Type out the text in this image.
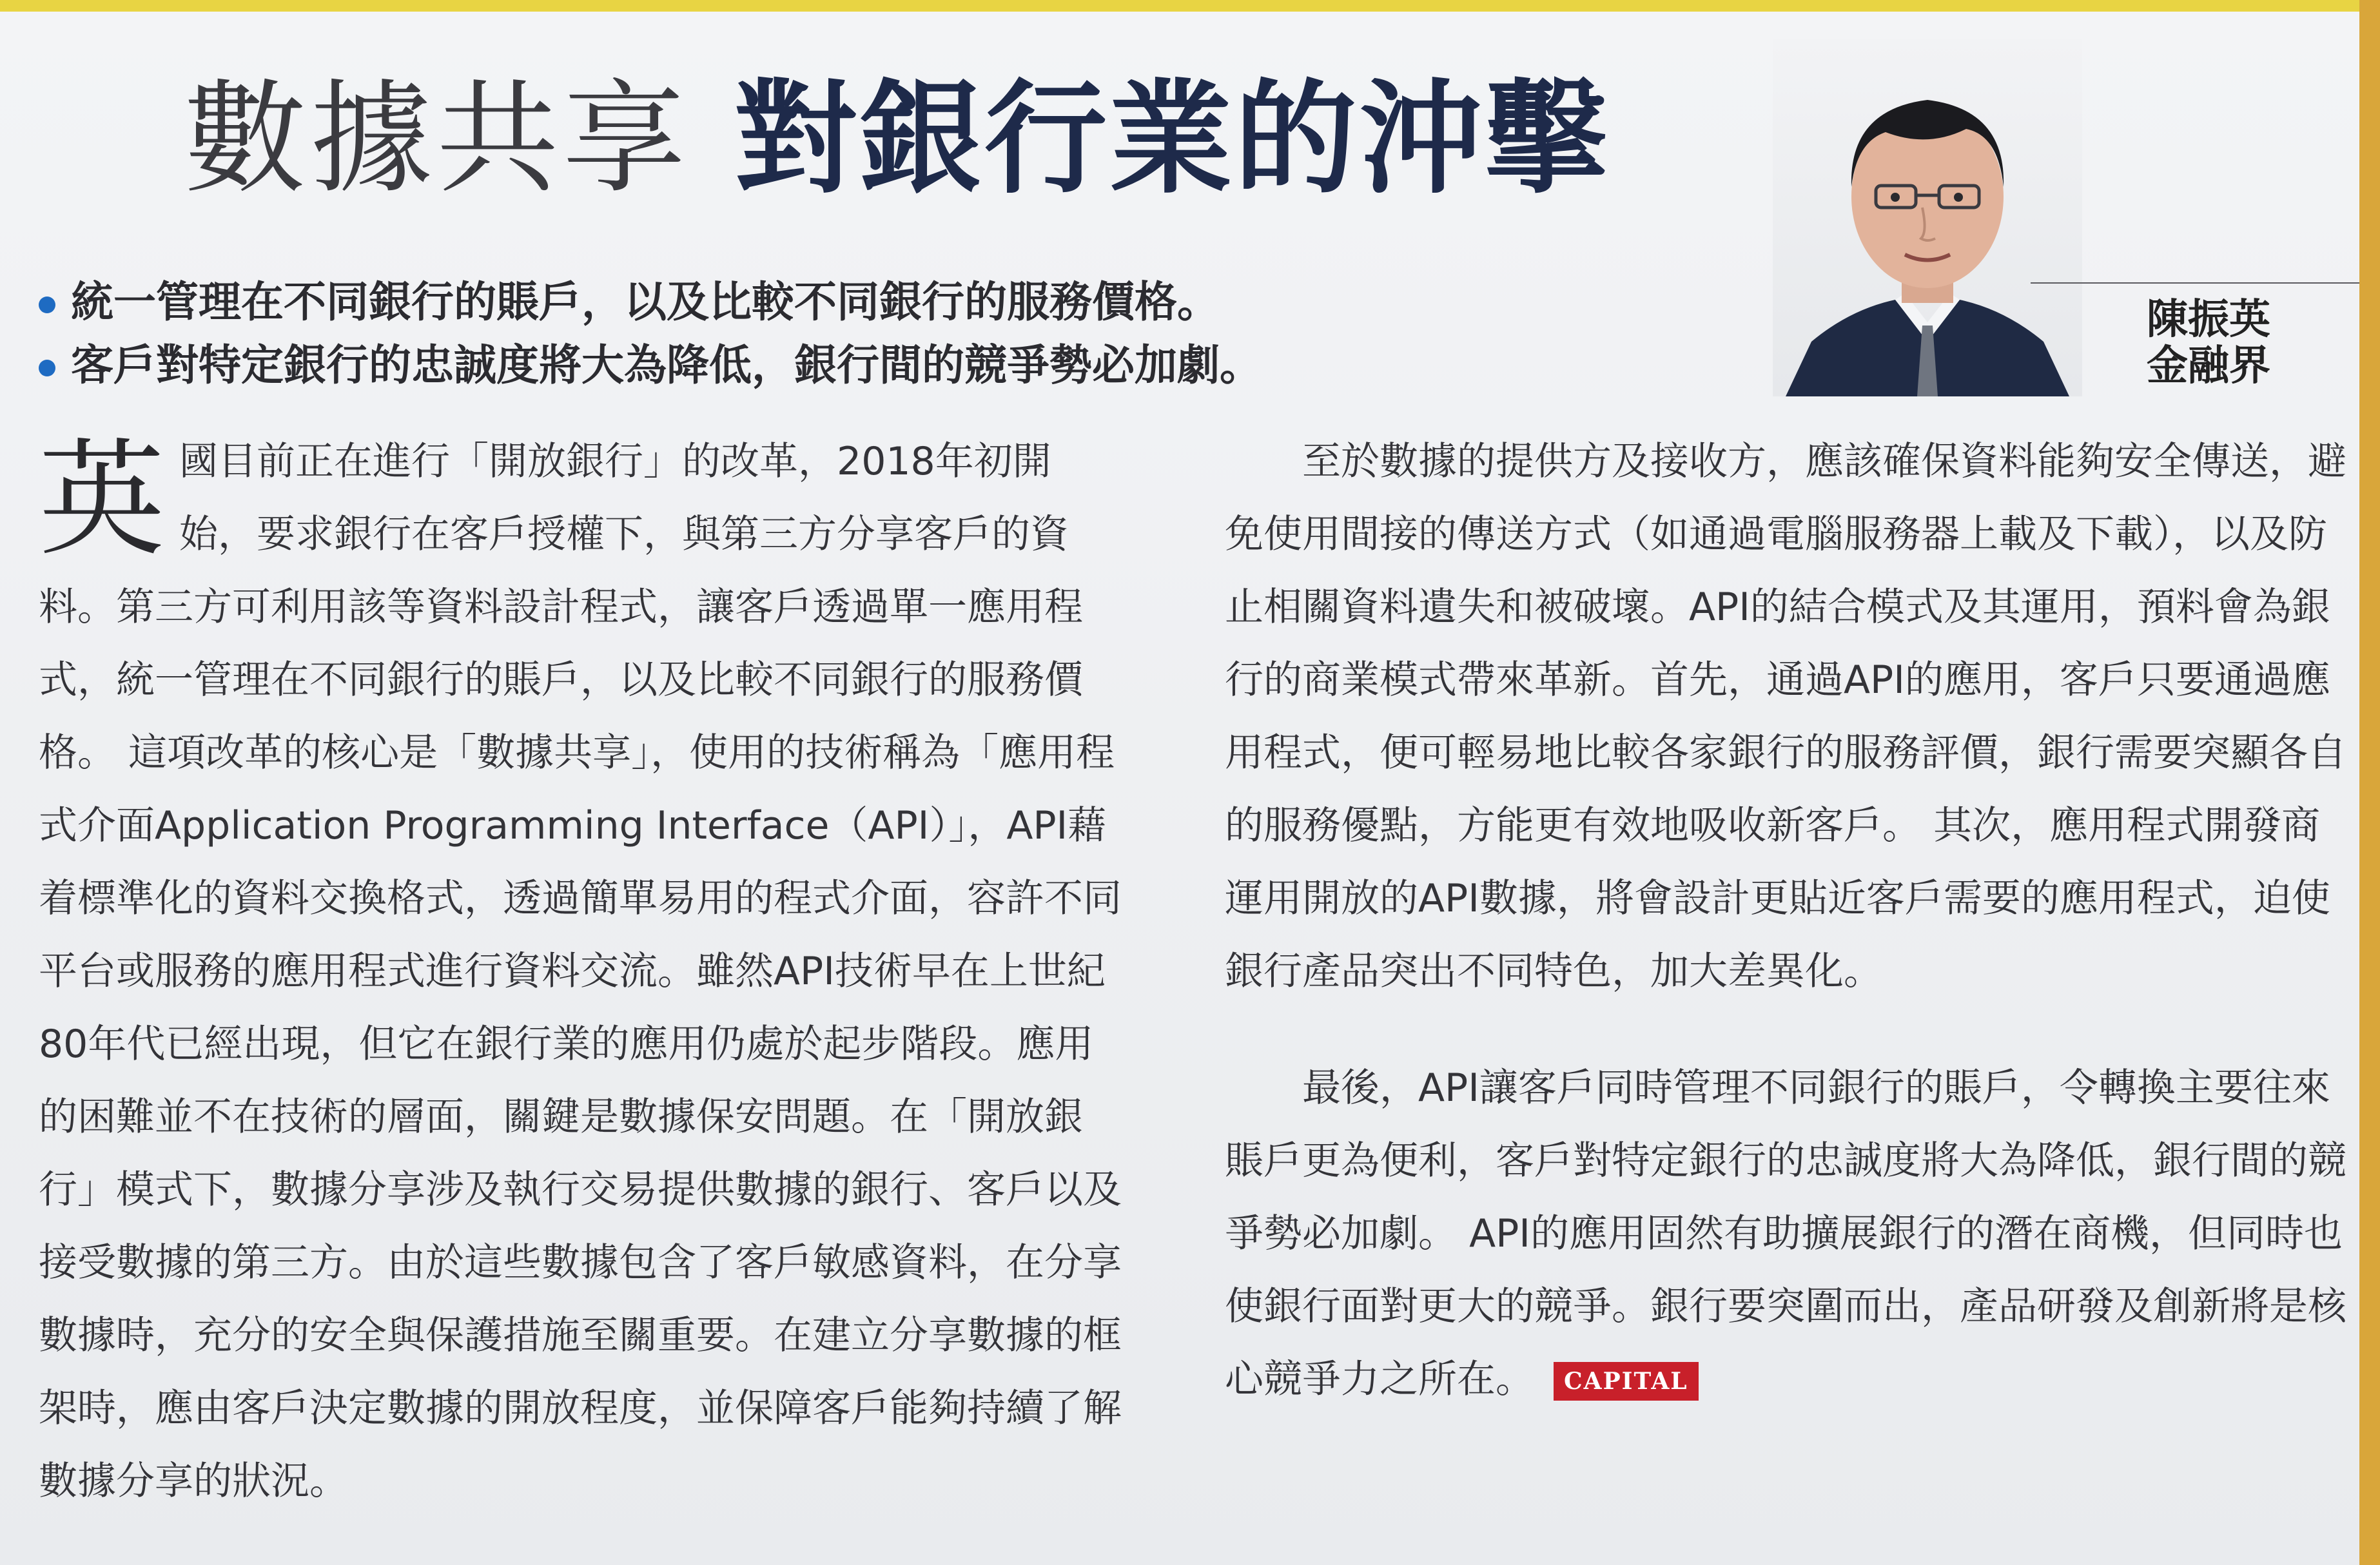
數據共享 對銀行業的沖擊
統一管理在不同銀行的賬戶，以及比較不同銀行的服務價格。
客戶對特定銀行的忠誠度將大為降低，銀行間的競爭勢必加劇。
陳振英
金融界
英 國目前正在進行「開放銀行」的改革，2018年初開始，要求銀行在客戶授權下，與第三方分享客戶的資料。第三方可利用該等資料設計程式，讓客戶透過單一應用程式，統一管理在不同銀行的賬戶，以及比較不同銀行的服務價格。 這項改革的核心是「數據共享」，使用的技術稱為「應用程式介面Application Programming Interface（API）」，API藉着標準化的資料交換格式，透過簡單易用的程式介面，容許不同平台或服務的應用程式進行資料交流。雖然API技術早在上世紀80年代已經出現，但它在銀行業的應用仍處於起步階段。應用的困難並不在技術的層面，關鍵是數據保安問題。在「開放銀行」模式下，數據分享涉及執行交易提供數據的銀行、客戶以及接受數據的第三方。由於這些數據包含了客戶敏感資料，在分享數據時，充分的安全與保護措施至關重要。在建立分享數據的框架時，應由客戶決定數據的開放程度，並保障客戶能夠持續了解數據分享的狀況。

　　至於數據的提供方及接收方，應該確保資料能夠安全傳送，避免使用間接的傳送方式（如通過電腦服務器上載及下載），以及防止相關資料遺失和被破壞。API的結合模式及其運用，預料會為銀行的商業模式帶來革新。首先，通過API的應用，客戶只要通過應用程式，便可輕易地比較各家銀行的服務評價，銀行需要突顯各自的服務優點，方能更有效地吸收新客戶。 其次，應用程式開發商運用開放的API數據，將會設計更貼近客戶需要的應用程式，迫使銀行產品突出不同特色，加大差異化。

　　最後，API讓客戶同時管理不同銀行的賬戶，令轉換主要往來賬戶更為便利，客戶對特定銀行的忠誠度將大為降低，銀行間的競爭勢必加劇。 API的應用固然有助擴展銀行的潛在商機，但同時也使銀行面對更大的競爭。銀行要突圍而出，產品研發及創新將是核心競爭力之所在。 CAPITAL
